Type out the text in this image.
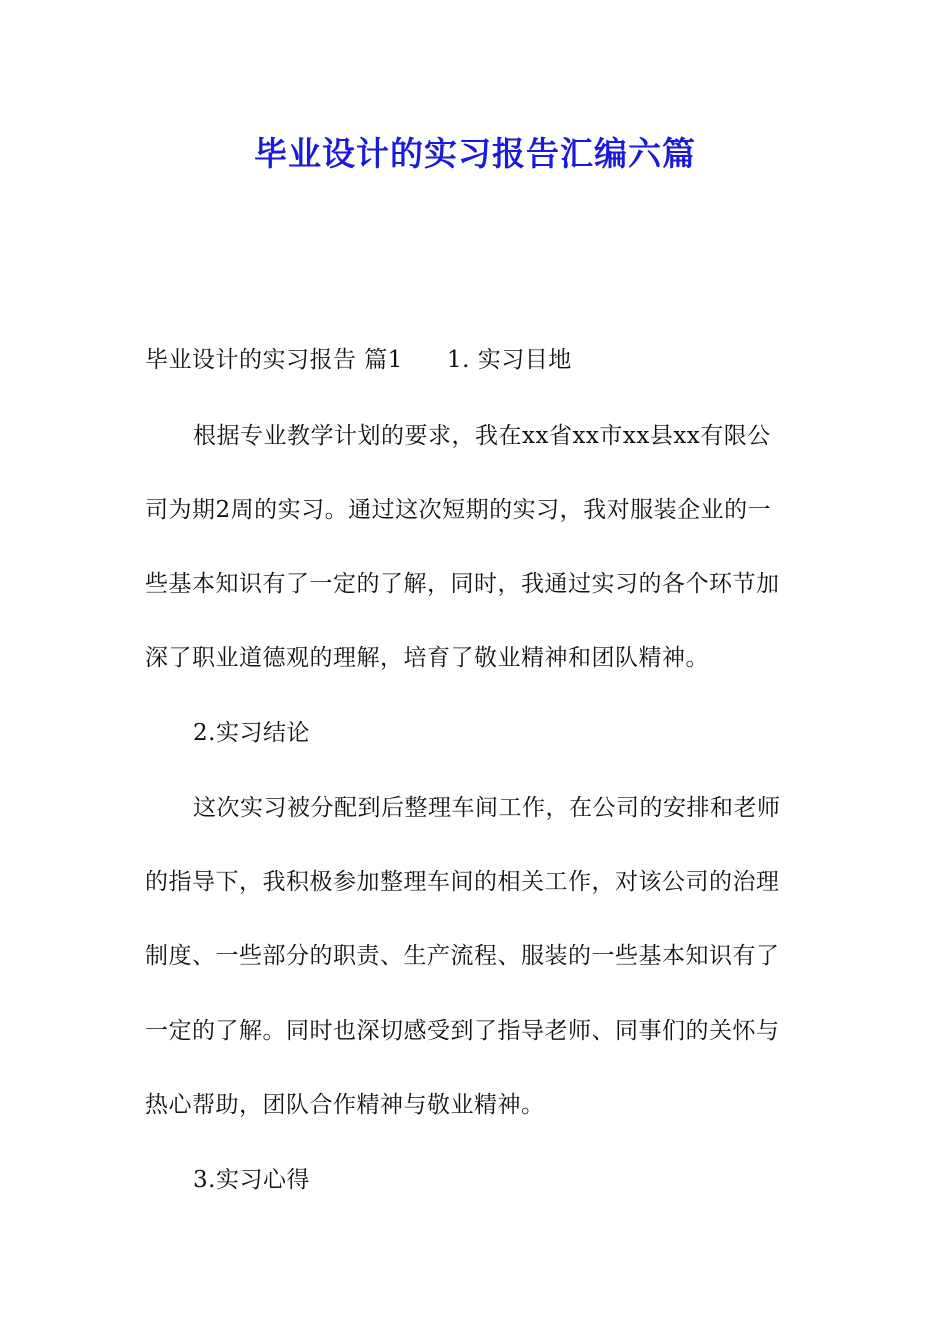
毕业设计的实习报告汇编六篇
毕业设计的实习报告 篇1 1. 实习目地
根据专业教学计划的要求，我在xx省xx市xx县xx有限公
司为期2周的实习。通过这次短期的实习，我对服装企业的一
些基本知识有了一定的了解，同时，我通过实习的各个环节加
深了职业道德观的理解，培育了敬业精神和团队精神。
2.实习结论
这次实习被分配到后整理车间工作，在公司的安排和老师
的指导下，我积极参加整理车间的相关工作，对该公司的治理
制度、一些部分的职责、生产流程、服装的一些基本知识有了
一定的了解。同时也深切感受到了指导老师、同事们的关怀与
热心帮助，团队合作精神与敬业精神。
3.实习心得
